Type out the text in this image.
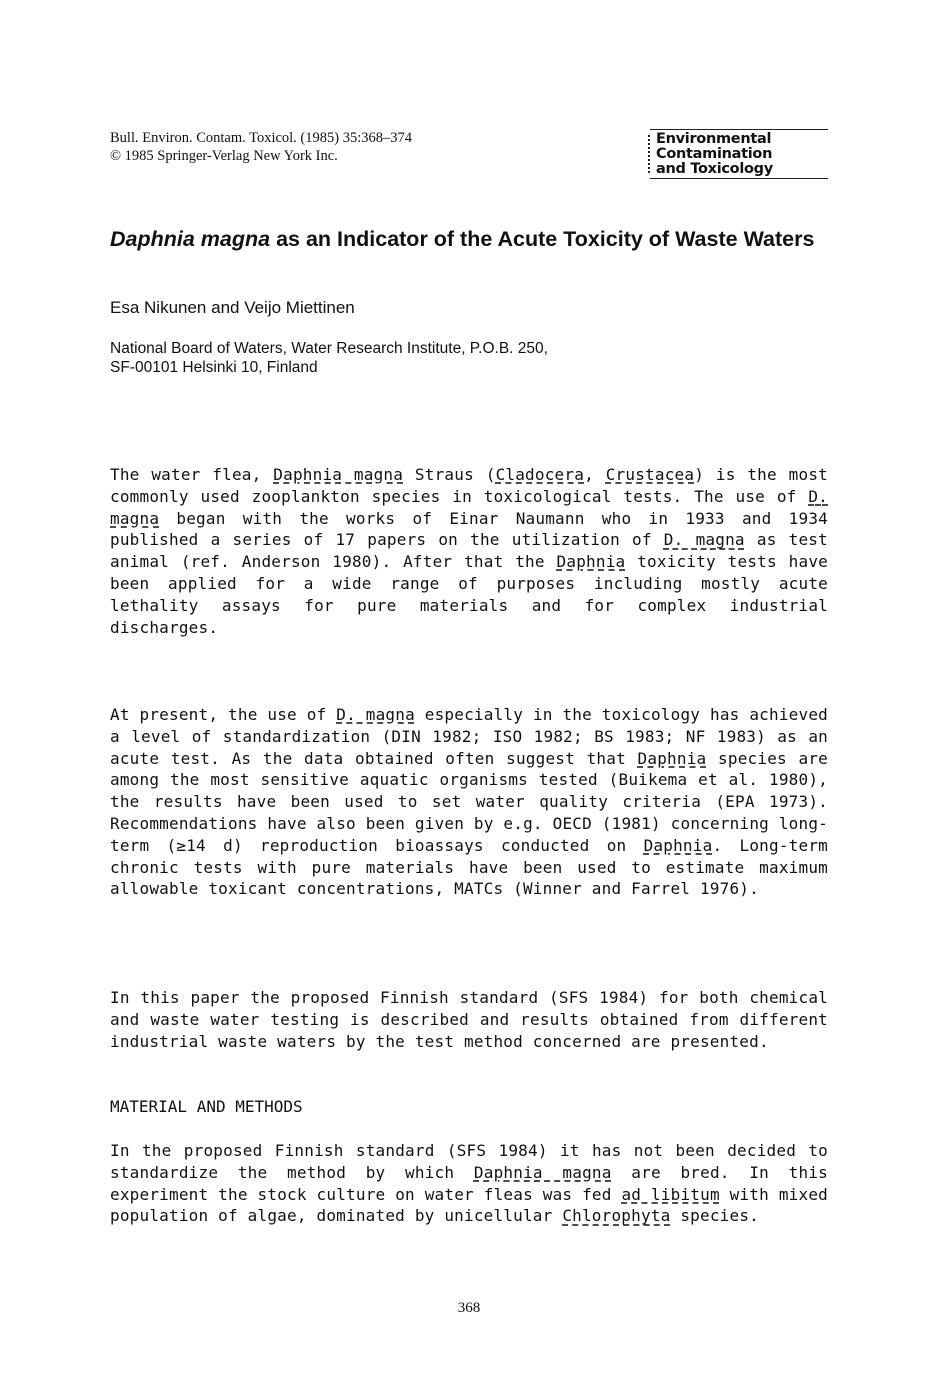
Bull. Environ. Contam. Toxicol. (1985) 35:368–374
© 1985 Springer-Verlag New York Inc.
Environmental
Contamination
and Toxicology
Daphnia magna as an Indicator of the Acute Toxicity of Waste Waters
Esa Nikunen and Veijo Miettinen
National Board of Waters, Water Research Institute, P.O.B. 250,
SF-00101 Helsinki 10, Finland

The water flea, Daphnia magna Straus (Cladocera, Crustacea) is the most commonly used zooplankton species in toxicological tests. The use of D. magna began with the works of Einar Naumann who in 1933 and 1934 published a series of 17 papers on the utilization of D. magna as test animal (ref. Anderson 1980). After that the Daphnia toxicity tests have been applied for a wide range of purposes including mostly acute lethality assays for pure materials and for complex industrial discharges.

At present, the use of D. magna especially in the toxicology has achieved a level of standardization (DIN 1982; ISO 1982; BS 1983; NF 1983) as an acute test. As the data obtained often suggest that Daphnia species are among the most sensitive aquatic organisms tested (Buikema et al. 1980), the results have been used to set water quality criteria (EPA 1973). Recommendations have also been given by e.g. OECD (1981) concerning long-term (≥14 d) reproduction bioassays conducted on Daphnia. Long-term chronic tests with pure materials have been used to estimate maximum allowable toxicant concentrations, MATCs (Winner and Farrel 1976).

In this paper the proposed Finnish standard (SFS 1984) for both chemical and waste water testing is described and results obtained from different industrial waste waters by the test method concerned are presented.

MATERIAL AND METHODS

In the proposed Finnish standard (SFS 1984) it has not been decided to standardize the method by which Daphnia magna are bred. In this experiment the stock culture on water fleas was fed ad libitum with mixed population of algae, dominated by unicellular Chlorophyta species.

368
